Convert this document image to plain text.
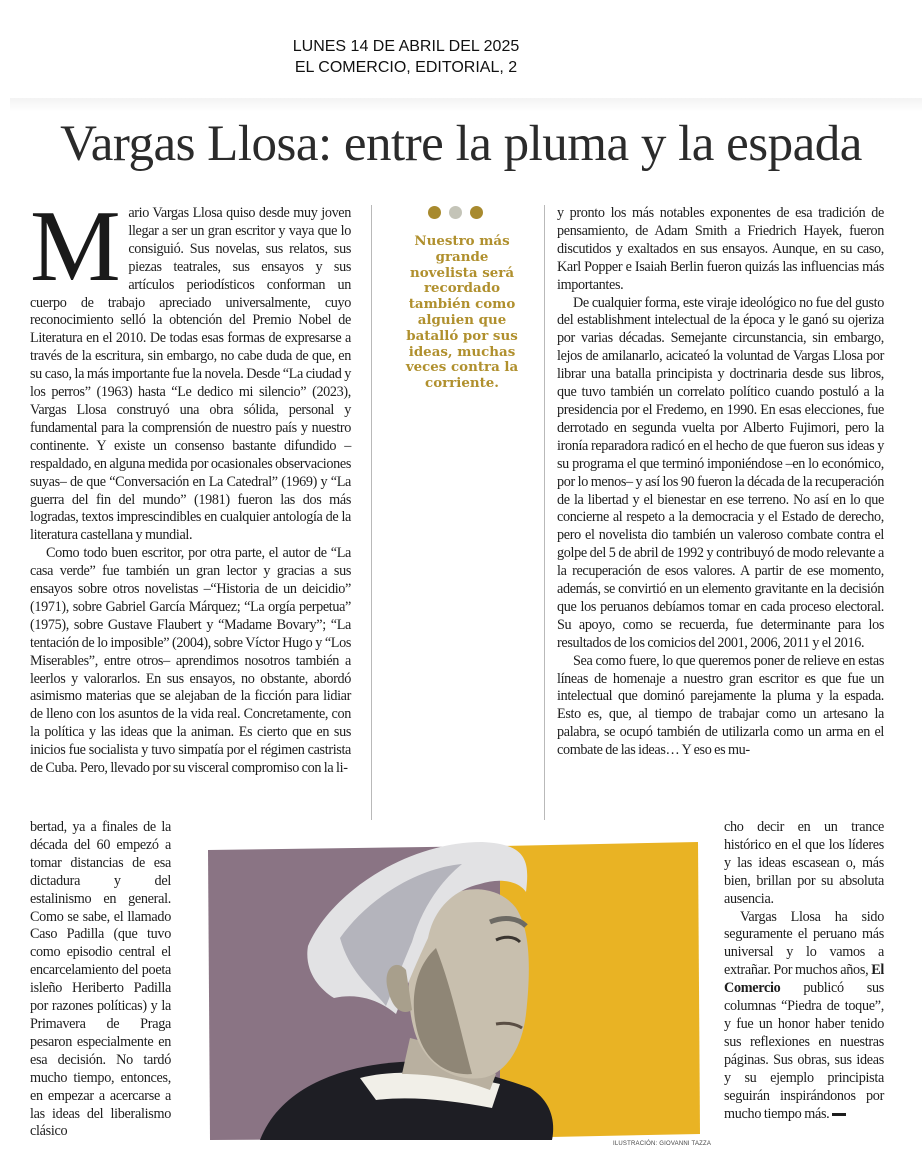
LUNES 14 DE ABRIL DEL 2025
EL COMERCIO, EDITORIAL, 2
Vargas Llosa: entre la pluma y la espada

Mario Vargas Llosa quiso desde muy joven llegar a ser un gran escritor y vaya que lo consiguió. Sus novelas, sus relatos, sus piezas teatrales, sus ensayos y sus artículos periodísticos conforman un cuerpo de trabajo apreciado universalmente, cuyo reconocimiento selló la obtención del Premio Nobel de Literatura en el 2010. De todas esas formas de expresarse a través de la escritura, sin embargo, no cabe duda de que, en su caso, la más importante fue la novela. Desde “La ciudad y los perros” (1963) hasta “Le dedico mi silencio” (2023), Vargas Llosa construyó una obra sólida, personal y fundamental para la comprensión de nuestro país y nuestro continente. Y existe un consenso bastante difundido –respaldado, en alguna medida por ocasionales observaciones suyas– de que “Conversación en La Catedral” (1969) y “La guerra del fin del mundo” (1981) fueron las dos más logradas, textos imprescindibles en cualquier antología de la literatura castellana y mundial.

Como todo buen escritor, por otra parte, el autor de “La casa verde” fue también un gran lector y gracias a sus ensayos sobre otros novelistas –“Historia de un deicidio” (1971), sobre Gabriel García Márquez; “La orgía perpetua” (1975), sobre Gustave Flaubert y “Madame Bovary”; “La tentación de lo imposible” (2004), sobre Víctor Hugo y “Los Miserables”, entre otros– aprendimos nosotros también a leerlos y valorarlos. En sus ensayos, no obstante, abordó asimismo materias que se alejaban de la ficción para lidiar de lleno con los asuntos de la vida real. Concretamente, con la política y las ideas que la animan. Es cierto que en sus inicios fue socialista y tuvo simpatía por el régimen castrista de Cuba. Pero, llevado por su visceral compromiso con la li-

bertad, ya a finales de la década del 60 empezó a tomar distancias de esa dictadura y del estalinismo en general. Como se sabe, el llamado Caso Padilla (que tuvo como episodio central el encarcelamiento del poeta isleño Heriberto Padilla por razones políticas) y la Primavera de Praga pesaron especialmente en esa decisión. No tardó mucho tiempo, entonces, en empezar a acercarse a las ideas del liberalismo clásico

Nuestro más grande novelista será recordado también como alguien que batalló por sus ideas, muchas veces contra la corriente.

y pronto los más notables exponentes de esa tradición de pensamiento, de Adam Smith a Friedrich Hayek, fueron discutidos y exaltados en sus ensayos. Aunque, en su caso, Karl Popper e Isaiah Berlin fueron quizás las influencias más importantes.

De cualquier forma, este viraje ideológico no fue del gusto del establishment intelectual de la época y le ganó su ojeriza por varias décadas. Semejante circunstancia, sin embargo, lejos de amilanarlo, acicateó la voluntad de Vargas Llosa por librar una batalla principista y doctrinaria desde sus libros, que tuvo también un correlato político cuando postuló a la presidencia por el Fredemo, en 1990. En esas elecciones, fue derrotado en segunda vuelta por Alberto Fujimori, pero la ironía reparadora radicó en el hecho de que fueron sus ideas y su programa el que terminó imponiéndose –en lo económico, por lo menos– y así los 90 fueron la década de la recuperación de la libertad y el bienestar en ese terreno. No así en lo que concierne al respeto a la democracia y el Estado de derecho, pero el novelista dio también un valeroso combate contra el golpe del 5 de abril de 1992 y contribuyó de modo relevante a la recuperación de esos valores. A partir de ese momento, además, se convirtió en un elemento gravitante en la decisión que los peruanos debíamos tomar en cada proceso electoral. Su apoyo, como se recuerda, fue determinante para los resultados de los comicios del 2001, 2006, 2011 y el 2016.

Sea como fuere, lo que queremos poner de relieve en estas líneas de homenaje a nuestro gran escritor es que fue un intelectual que dominó parejamente la pluma y la espada. Esto es, que, al tiempo de trabajar como un artesano la palabra, se ocupó también de utilizarla como un arma en el combate de las ideas… Y eso es mu-

cho decir en un trance histórico en el que los líderes y las ideas escasean o, más bien, brillan por su absoluta ausencia.

Vargas Llosa ha sido seguramente el peruano más universal y lo vamos a extrañar. Por muchos años, El Comercio publicó sus columnas “Piedra de toque”, y fue un honor haber tenido sus reflexiones en nuestras páginas. Sus obras, sus ideas y su ejemplo principista seguirán inspirándonos por mucho tiempo más.

ILUSTRACIÓN: GIOVANNI TAZZA
